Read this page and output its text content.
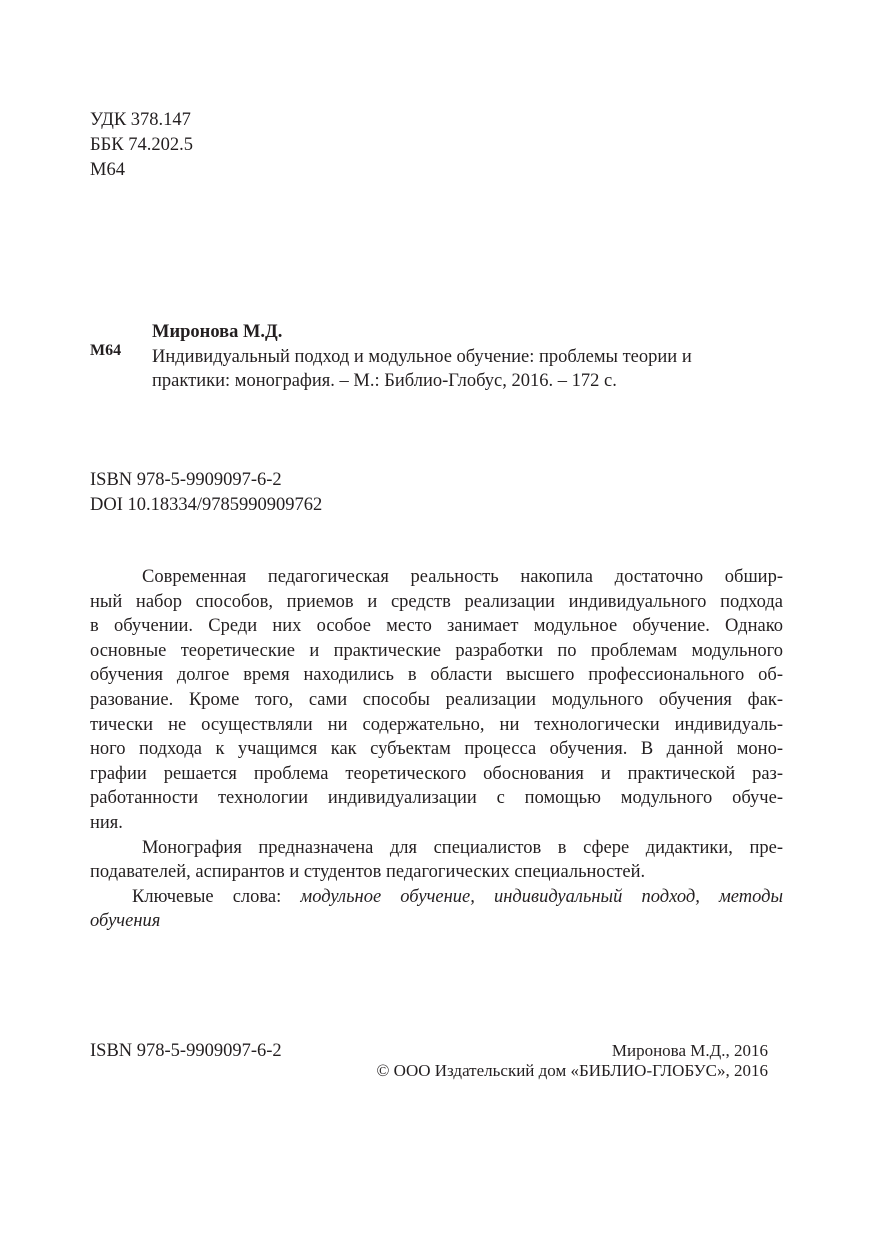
УДК 378.147
ББК 74.202.5
М64
М64
Миронова М.Д.
Индивидуальный подход и модульное обучение: проблемы теории и
практики: монография. – М.: Библио-Глобус, 2016. – 172 с.
ISBN 978-5-9909097-6-2
DOI 10.18334/9785990909762
Современная педагогическая реальность накопила достаточно обшир-
ный набор способов, приемов и средств реализации индивидуального подхода
в обучении. Среди них особое место занимает модульное обучение. Однако
основные теоретические и практические разработки по проблемам модульного
обучения долгое время находились в области высшего профессионального об-
разование. Кроме того, сами способы реализации модульного обучения фак-
тически не осуществляли ни содержательно, ни технологически индивидуаль-
ного подхода к учащимся как субъектам процесса обучения. В данной моно-
графии решается проблема теоретического обоснования и практической раз-
работанности технологии индивидуализации с помощью модульного обуче-
ния.
Монография предназначена для специалистов в сфере дидактики, пре-
подавателей, аспирантов и студентов педагогических специальностей.
Ключевые слова: модульное обучение, индивидуальный подход, методы
обучения
ISBN 978-5-9909097-6-2	Миронова М.Д., 2016
© ООО Издательский дом «БИБЛИО-ГЛОБУС», 2016
